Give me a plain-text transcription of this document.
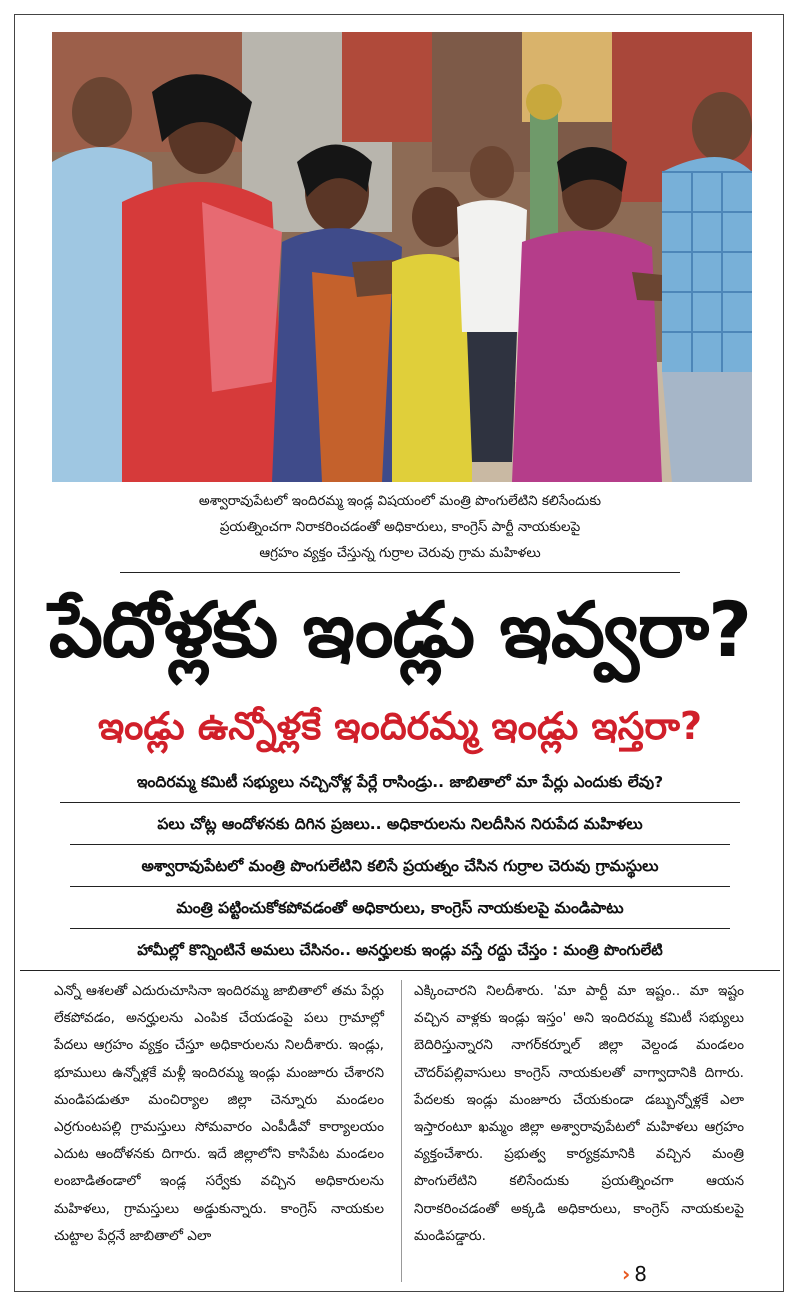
అశ్వారావుపేటలో ఇందిరమ్మ ఇండ్ల విషయంలో మంత్రి పొంగులేటిని కలిసేందుకు
ప్రయత్నించగా నిరాకరించడంతో అధికారులు, కాంగ్రెస్ పార్టీ నాయకులపై
ఆగ్రహం వ్యక్తం చేస్తున్న గుర్రాల చెరువు గ్రామ మహిళలు
పేదోళ్లకు ఇండ్లు ఇవ్వరా?
ఇండ్లు ఉన్నోళ్లకే ఇందిరమ్మ ఇండ్లు ఇస్తరా?
ఇందిరమ్మ కమిటీ సభ్యులు నచ్చినోళ్ల పేర్లే రాసిండ్రు.. జాబితాలో మా పేర్లు ఎందుకు లేవు?
పలు చోట్ల ఆందోళనకు దిగిన ప్రజలు.. అధికారులను నిలదీసిన నిరుపేద మహిళలు
అశ్వారావుపేటలో మంత్రి పొంగులేటిని కలిసే ప్రయత్నం చేసిన గుర్రాల చెరువు గ్రామస్థులు
మంత్రి పట్టించుకోకపోవడంతో అధికారులు, కాంగ్రెస్ నాయకులపై మండిపాటు
హామీల్లో కొన్నింటినే అమలు చేసినం.. అనర్హులకు ఇండ్లు వస్తే రద్దు చేస్తం : మంత్రి పొంగులేటి

ఎన్నో ఆశలతో ఎదురుచూసినా ఇందిరమ్మ జాబితాలో తమ పేర్లు లేకపోవడం, అనర్హులను ఎంపిక చేయడంపై పలు గ్రామాల్లో పేదలు ఆగ్రహం వ్యక్తం చేస్తూ అధికారులను నిలదీశారు. ఇండ్లు, భూములు ఉన్నోళ్లకే మళ్లీ ఇందిరమ్మ ఇండ్లు మంజూరు చేశారని మండిపడుతూ మంచిర్యాల జిల్లా చెన్నూరు మండలం ఎర్రగుంటపల్లి గ్రామస్తులు సోమవారం ఎంపీడీవో కార్యాలయం ఎదుట ఆందోళనకు దిగారు. ఇదే జిల్లాలోని కాసిపేట మండలం లంబాడితండాలో ఇండ్ల సర్వేకు వచ్చిన అధికారులను మహిళలు, గ్రామస్తులు అడ్డుకున్నారు. కాంగ్రెస్ నాయకుల చుట్టాల పేర్లనే జాబితాలో ఎలా

ఎక్కించారని నిలదీశారు. 'మా పార్టీ మా ఇష్టం.. మా ఇష్టం వచ్చిన వాళ్లకు ఇండ్లు ఇస్తం' అని ఇందిరమ్మ కమిటీ సభ్యులు బెదిరిస్తున్నారని నాగర్‌కర్నూల్ జిల్లా వెల్దండ మండలం చౌదర్‌పల్లివాసులు కాంగ్రెస్ నాయకులతో వాగ్వాదానికి దిగారు. పేదలకు ఇండ్లు మంజూరు చేయకుండా డబ్బున్నోళ్లకే ఎలా ఇస్తారంటూ ఖమ్మం జిల్లా అశ్వారావుపేటలో మహిళలు ఆగ్రహం వ్యక్తంచేశారు. ప్రభుత్వ కార్యక్రమానికి వచ్చిన మంత్రి పొంగులేటిని కలిసేందుకు ప్రయత్నించగా ఆయన నిరాకరించడంతో అక్కడి అధికారులు, కాంగ్రెస్ నాయకులపై మండిపడ్డారు.

› 8
